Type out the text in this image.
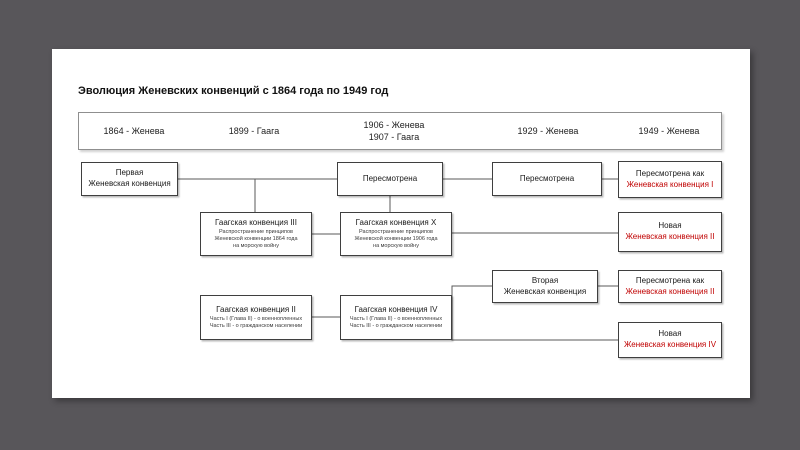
Эволюция Женевских конвенций с 1864 года по 1949 год
1864 - Женева	1899 - Гаага
1906 - Женева
1907 - Гаага
1929 - Женева	1949 - Женева
Первая
Женевская конвенция
Пересмотрена	Пересмотрена
Пересмотрена как
Женевская конвенция I
Гаагская конвенция III
Распространение принципов
Женевской конвенции 1864 года
на морскую войну
Гаагская конвенция X
Распространение принципов
Женевской конвенции 1906 года
на морскую войну
Новая
Женевская конвенция II
Вторая
Женевская конвенция
Пересмотрена как
Женевская конвенция II
Гаагская конвенция II
Часть I (Глава II) - о военнопленных
Часть III - о гражданском населении
Гаагская конвенция IV
Часть I (Глава II) - о военнопленных
Часть III - о гражданском населении
Новая
Женевская конвенция IV
